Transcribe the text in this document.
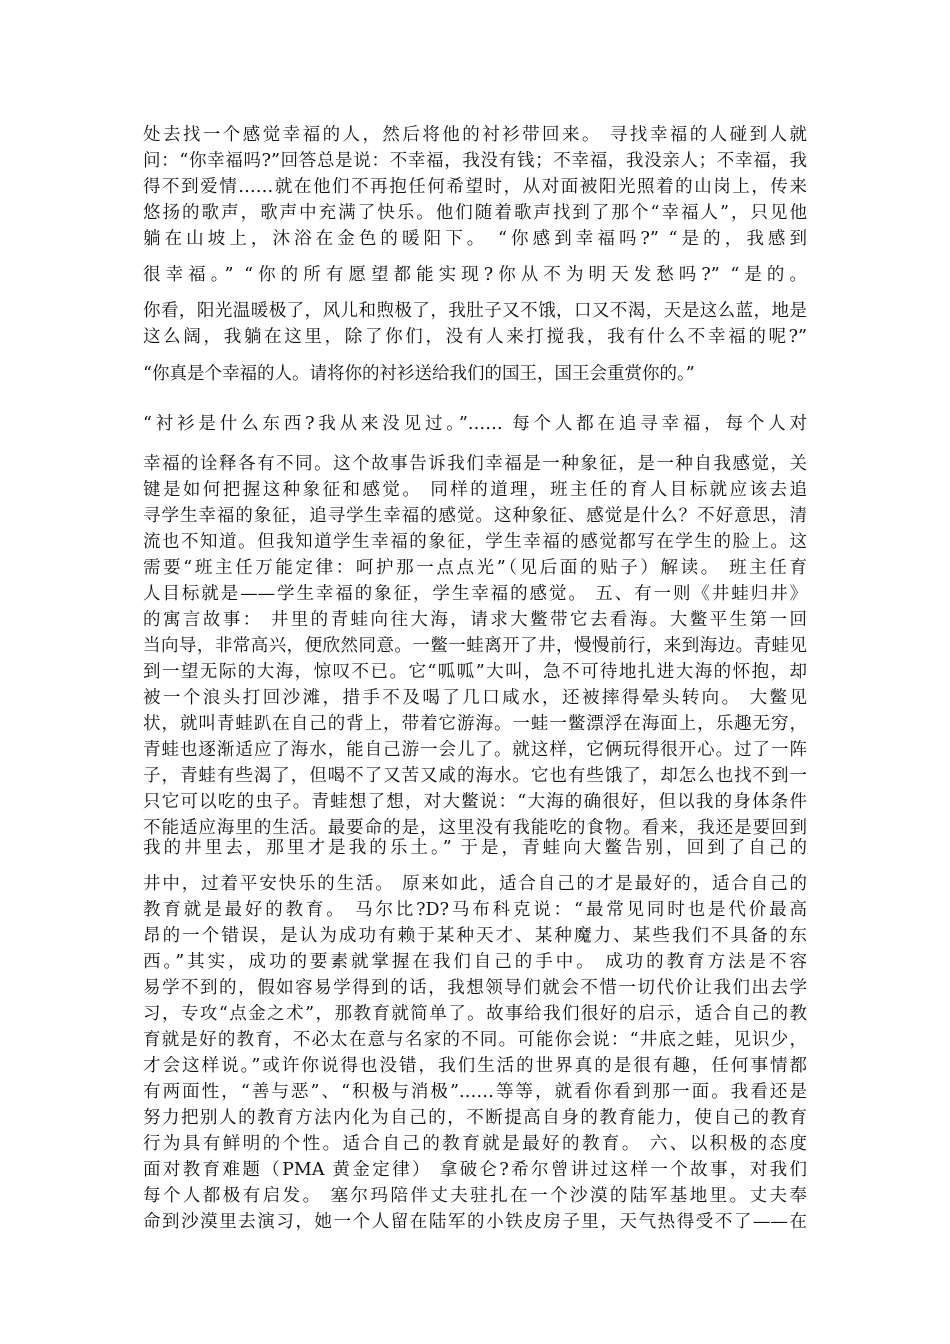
处去找一个感觉幸福的人，然后将他的衬衫带回来。 寻找幸福的人碰到人就
问：“你幸福吗?”回答总是说：不幸福，我没有钱；不幸福，我没亲人；不幸福，我
得不到爱情……就在他们不再抱任何希望时，从对面被阳光照着的山岗上，传来
悠扬的歌声，歌声中充满了快乐。他们随着歌声找到了那个“幸福人”，只见他
躺在山坡上，沐浴在金色的暖阳下。 “你感到幸福吗?” “是的，我感到
很幸福。” “你的所有愿望都能实现?你从不为明天发愁吗?” “是的。
你看，阳光温暖极了，风儿和煦极了，我肚子又不饿，口又不渴，天是这么蓝，地是
这么阔，我躺在这里，除了你们，没有人来打搅我，我有什么不幸福的呢?”
“你真是个幸福的人。请将你的衬衫送给我们的国王，国王会重赏你的。”
“衬衫是什么东西?我从来没见过。”…… 每个人都在追寻幸福，每个人对
幸福的诠释各有不同。这个故事告诉我们幸福是一种象征，是一种自我感觉，关
键是如何把握这种象征和感觉。 同样的道理，班主任的育人目标就应该去追
寻学生幸福的象征，追寻学生幸福的感觉。这种象征、感觉是什么？不好意思，清
流也不知道。但我知道学生幸福的象征，学生幸福的感觉都写在学生的脸上。这
需要“班主任万能定律：呵护那一点点光”（见后面的贴子）解读。 班主任育
人目标就是——学生幸福的象征，学生幸福的感觉。 五、有一则《井蛙归井》
的寓言故事： 井里的青蛙向往大海，请求大鳖带它去看海。大鳖平生第一回
当向导，非常高兴，便欣然同意。一鳖一蛙离开了井，慢慢前行，来到海边。青蛙见
到一望无际的大海，惊叹不已。它“呱呱”大叫，急不可待地扎进大海的怀抱，却
被一个浪头打回沙滩，措手不及喝了几口咸水，还被摔得晕头转向。 大鳖见
状，就叫青蛙趴在自己的背上，带着它游海。一蛙一鳖漂浮在海面上，乐趣无穷，
青蛙也逐渐适应了海水，能自己游一会儿了。就这样，它俩玩得很开心。过了一阵
子，青蛙有些渴了，但喝不了又苦又咸的海水。它也有些饿了，却怎么也找不到一
只它可以吃的虫子。青蛙想了想，对大鳖说：“大海的确很好，但以我的身体条件
不能适应海里的生活。最要命的是，这里没有我能吃的食物。看来，我还是要回到
我的井里去，那里才是我的乐土。” 于是，青蛙向大鳖告别，回到了自己的
井中，过着平安快乐的生活。 原来如此，适合自己的才是最好的，适合自己的
教育就是最好的教育。 马尔比?D?马布科克说：“最常见同时也是代价最高
昂的一个错误，是认为成功有赖于某种天才、某种魔力、某些我们不具备的东
西。”其实，成功的要素就掌握在我们自己的手中。 成功的教育方法是不容
易学不到的，假如容易学得到的话，我想领导们就会不惜一切代价让我们出去学
习，专攻“点金之术”，那教育就简单了。故事给我们很好的启示，适合自己的教
育就是好的教育，不必太在意与名家的不同。可能你会说：“井底之蛙，见识少，
才会这样说。”或许你说得也没错，我们生活的世界真的是很有趣，任何事情都
有两面性，“善与恶”、“积极与消极”……等等，就看你看到那一面。我看还是
努力把别人的教育方法内化为自己的，不断提高自身的教育能力，使自己的教育
行为具有鲜明的个性。适合自己的教育就是最好的教育。 六、以积极的态度
面对教育难题（PMA 黄金定律） 拿破仑?希尔曾讲过这样一个故事，对我们
每个人都极有启发。 塞尔玛陪伴丈夫驻扎在一个沙漠的陆军基地里。丈夫奉
命到沙漠里去演习，她一个人留在陆军的小铁皮房子里，天气热得受不了——在
